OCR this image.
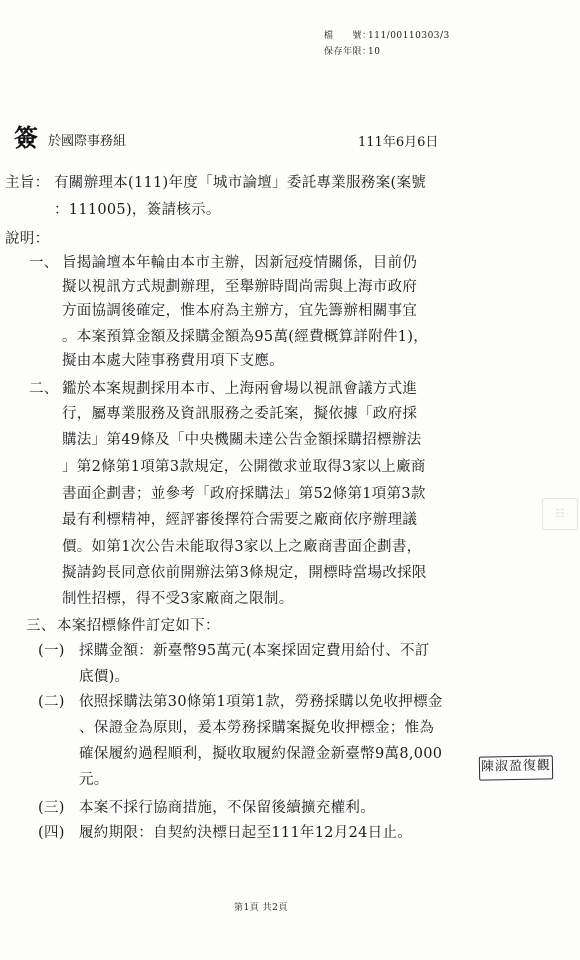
檔　　號：111/00110303/3
保存年限：10
簽 於國際事務組	111年6月6日
主旨： 有關辦理本(111)年度「城市論壇」委託專業服務案(案號
：111005)，簽請核示。
說明：
一、 旨揭論壇本年輪由本市主辦，因新冠疫情關係，目前仍
擬以視訊方式規劃辦理，至舉辦時間尚需與上海市政府
方面協調後確定，惟本府為主辦方，宜先籌辦相關事宜
。本案預算金額及採購金額為95萬(經費概算詳附件1)，
擬由本處大陸事務費用項下支應。
二、 鑑於本案規劃採用本市、上海兩會場以視訊會議方式進
行，屬專業服務及資訊服務之委託案，擬依據「政府採
購法」第49條及「中央機關未達公告金額採購招標辦法
」第2條第1項第3款規定，公開徵求並取得3家以上廠商
書面企劃書；並參考「政府採購法」第52條第1項第3款
最有利標精神，經評審後擇符合需要之廠商依序辦理議
價。如第1次公告未能取得3家以上之廠商書面企劃書，
擬請鈞長同意依前開辦法第3條規定，開標時當場改採限
制性招標，得不受3家廠商之限制。
三、 本案招標條件訂定如下：
(一) 採購金額：新臺幣95萬元(本案採固定費用給付、不訂
底價)。
(二) 依照採購法第30條第1項第1款，勞務採購以免收押標金
、保證金為原則，爰本勞務採購案擬免收押標金；惟為
確保履約過程順利，擬收取履約保證金新臺幣9萬8,000
元。
(三) 本案不採行協商措施，不保留後續擴充權利。
(四) 履約期限：自契約決標日起至111年12月24日止。
陳淑盈復觀
☷
第1頁 共2頁
